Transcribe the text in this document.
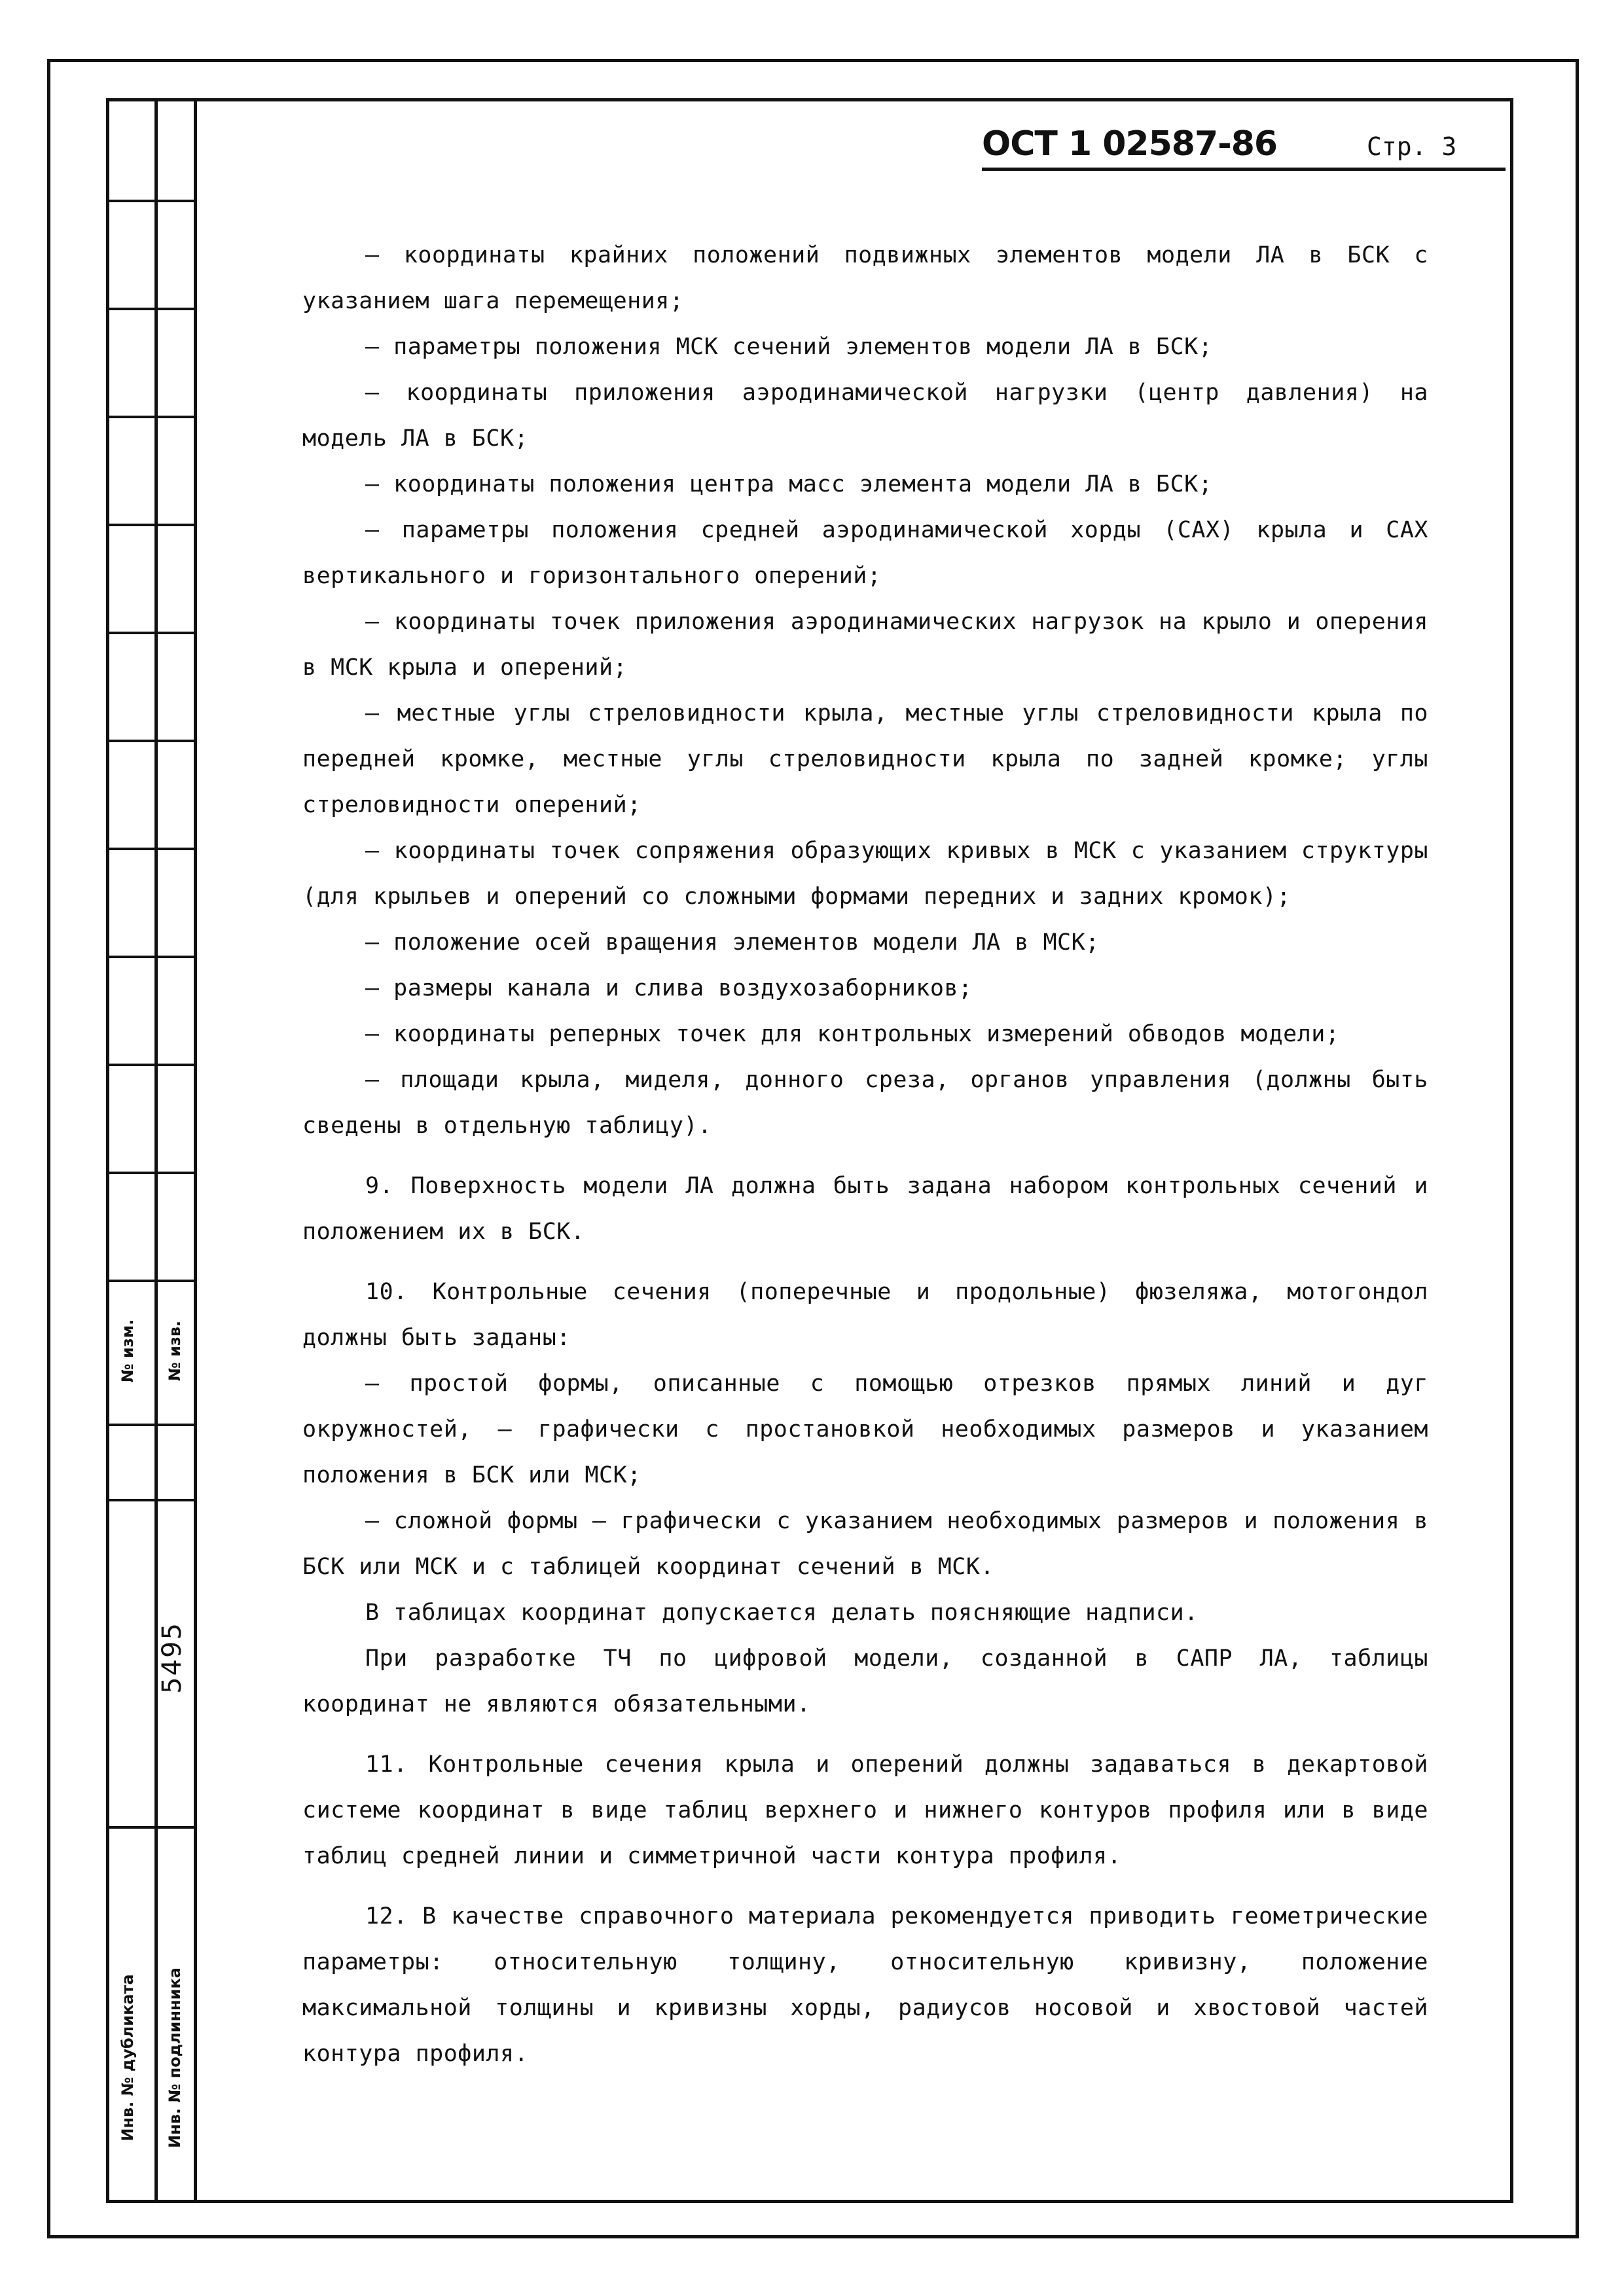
№ изм. № изв.
5495
Инв. № дубликата Инв. № подлинника
ОСТ 1 02587-86	Стр. 3

– координаты крайних положений подвижных элементов модели ЛА в БСК с указанием шага перемещения;

– параметры положения МСК сечений элементов модели ЛА в БСК;

– координаты приложения аэродинамической нагрузки (центр давления) на модель ЛА в БСК;

– координаты положения центра масс элемента модели ЛА в БСК;

– параметры положения средней аэродинамической хорды (САХ) крыла и САХ вертикального и горизонтального оперений;

– координаты точек приложения аэродинамических нагрузок на крыло и оперения в МСК крыла и оперений;

– местные углы стреловидности крыла, местные углы стреловидности крыла по передней кромке, местные углы стреловидности крыла по задней кромке; углы стреловидности оперений;

– координаты точек сопряжения образующих кривых в МСК с указанием структуры (для крыльев и оперений со сложными формами передних и задних кромок);

– положение осей вращения элементов модели ЛА в МСК;

– размеры канала и слива воздухозаборников;

– координаты реперных точек для контрольных измерений обводов модели;

– площади крыла, миделя, донного среза, органов управления (должны быть сведены в отдельную таблицу).

9. Поверхность модели ЛА должна быть задана набором контрольных сечений и положением их в БСК.

10. Контрольные сечения (поперечные и продольные) фюзеляжа, мотогондол должны быть заданы:

– простой формы, описанные с помощью отрезков прямых линий и дуг окружностей, – графически с простановкой необходимых размеров и указанием положения в БСК или МСК;

– сложной формы – графически с указанием необходимых размеров и положения в БСК или МСК и с таблицей координат сечений в МСК.

В таблицах координат допускается делать поясняющие надписи.

При разработке ТЧ по цифровой модели, созданной в САПР ЛА, таблицы координат не являются обязательными.

11. Контрольные сечения крыла и оперений должны задаваться в декартовой системе координат в виде таблиц верхнего и нижнего контуров профиля или в виде таблиц средней линии и симметричной части контура профиля.

12. В качестве справочного материала рекомендуется приводить геометрические параметры: относительную толщину, относительную кривизну, положение максимальной толщины и кривизны хорды, радиусов носовой и хвостовой частей контура профиля.
